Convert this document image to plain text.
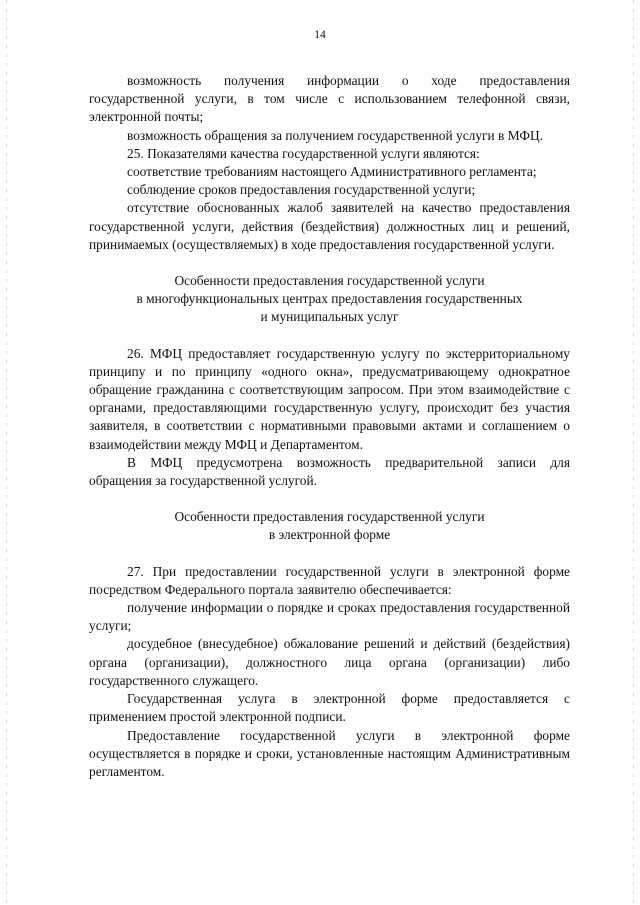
14

возможность получения информации о ходе предоставления государственной услуги, в том числе с использованием телефонной связи, электронной почты;

возможность обращения за получением государственной услуги в МФЦ.

25. Показателями качества государственной услуги являются:

соответствие требованиям настоящего Административного регламента;

соблюдение сроков предоставления государственной услуги;

отсутствие обоснованных жалоб заявителей на качество предоставления государственной услуги, действия (бездействия) должностных лиц и решений, принимаемых (осуществляемых) в ходе предоставления государственной услуги.

Особенности предоставления государственной услуги
в многофункциональных центрах предоставления государственных
и муниципальных услуг

26. МФЦ предоставляет государственную услугу по экстерриториальному принципу и по принципу «одного окна», предусматривающему однократное обращение гражданина с соответствующим запросом. При этом взаимодействие с органами, предоставляющими государственную услугу, происходит без участия заявителя, в соответствии с нормативными правовыми актами и соглашением о взаимодействии между МФЦ и Департаментом.

В МФЦ предусмотрена возможность предварительной записи для обращения за государственной услугой.

Особенности предоставления государственной услуги
в электронной форме

27. При предоставлении государственной услуги в электронной форме посредством Федерального портала заявителю обеспечивается:

получение информации о порядке и сроках предоставления государственной услуги;

досудебное (внесудебное) обжалование решений и действий (бездействия) органа (организации), должностного лица органа (организации) либо государственного служащего.

Государственная услуга в электронной форме предоставляется с применением простой электронной подписи.

Предоставление государственной услуги в электронной форме осуществляется в порядке и сроки, установленные настоящим Административным регламентом.
